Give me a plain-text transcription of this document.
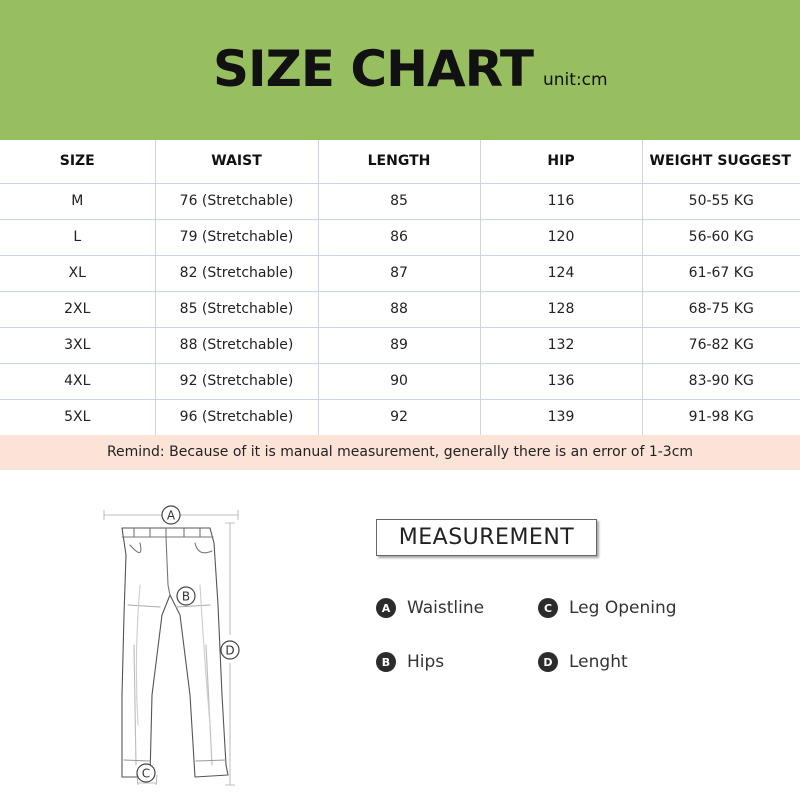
SIZE CHART unit:cm
SIZE	WAIST	LENGTH	HIP	WEIGHT SUGGEST
M	76 (Stretchable)	85	116	50-55 KG
L	79 (Stretchable)	86	120	56-60 KG
XL	82 (Stretchable)	87	124	61-67 KG
2XL	85 (Stretchable)	88	128	68-75 KG
3XL	88 (Stretchable)	89	132	76-82 KG
4XL	92 (Stretchable)	90	136	83-90 KG
5XL	96 (Stretchable)	92	139	91-98 KG
Remind: Because of it is manual measurement, generally there is an error of 1-3cm
A
B
D
C
MEASUREMENT
A Waistline	C Leg Opening
B Hips	D Lenght
